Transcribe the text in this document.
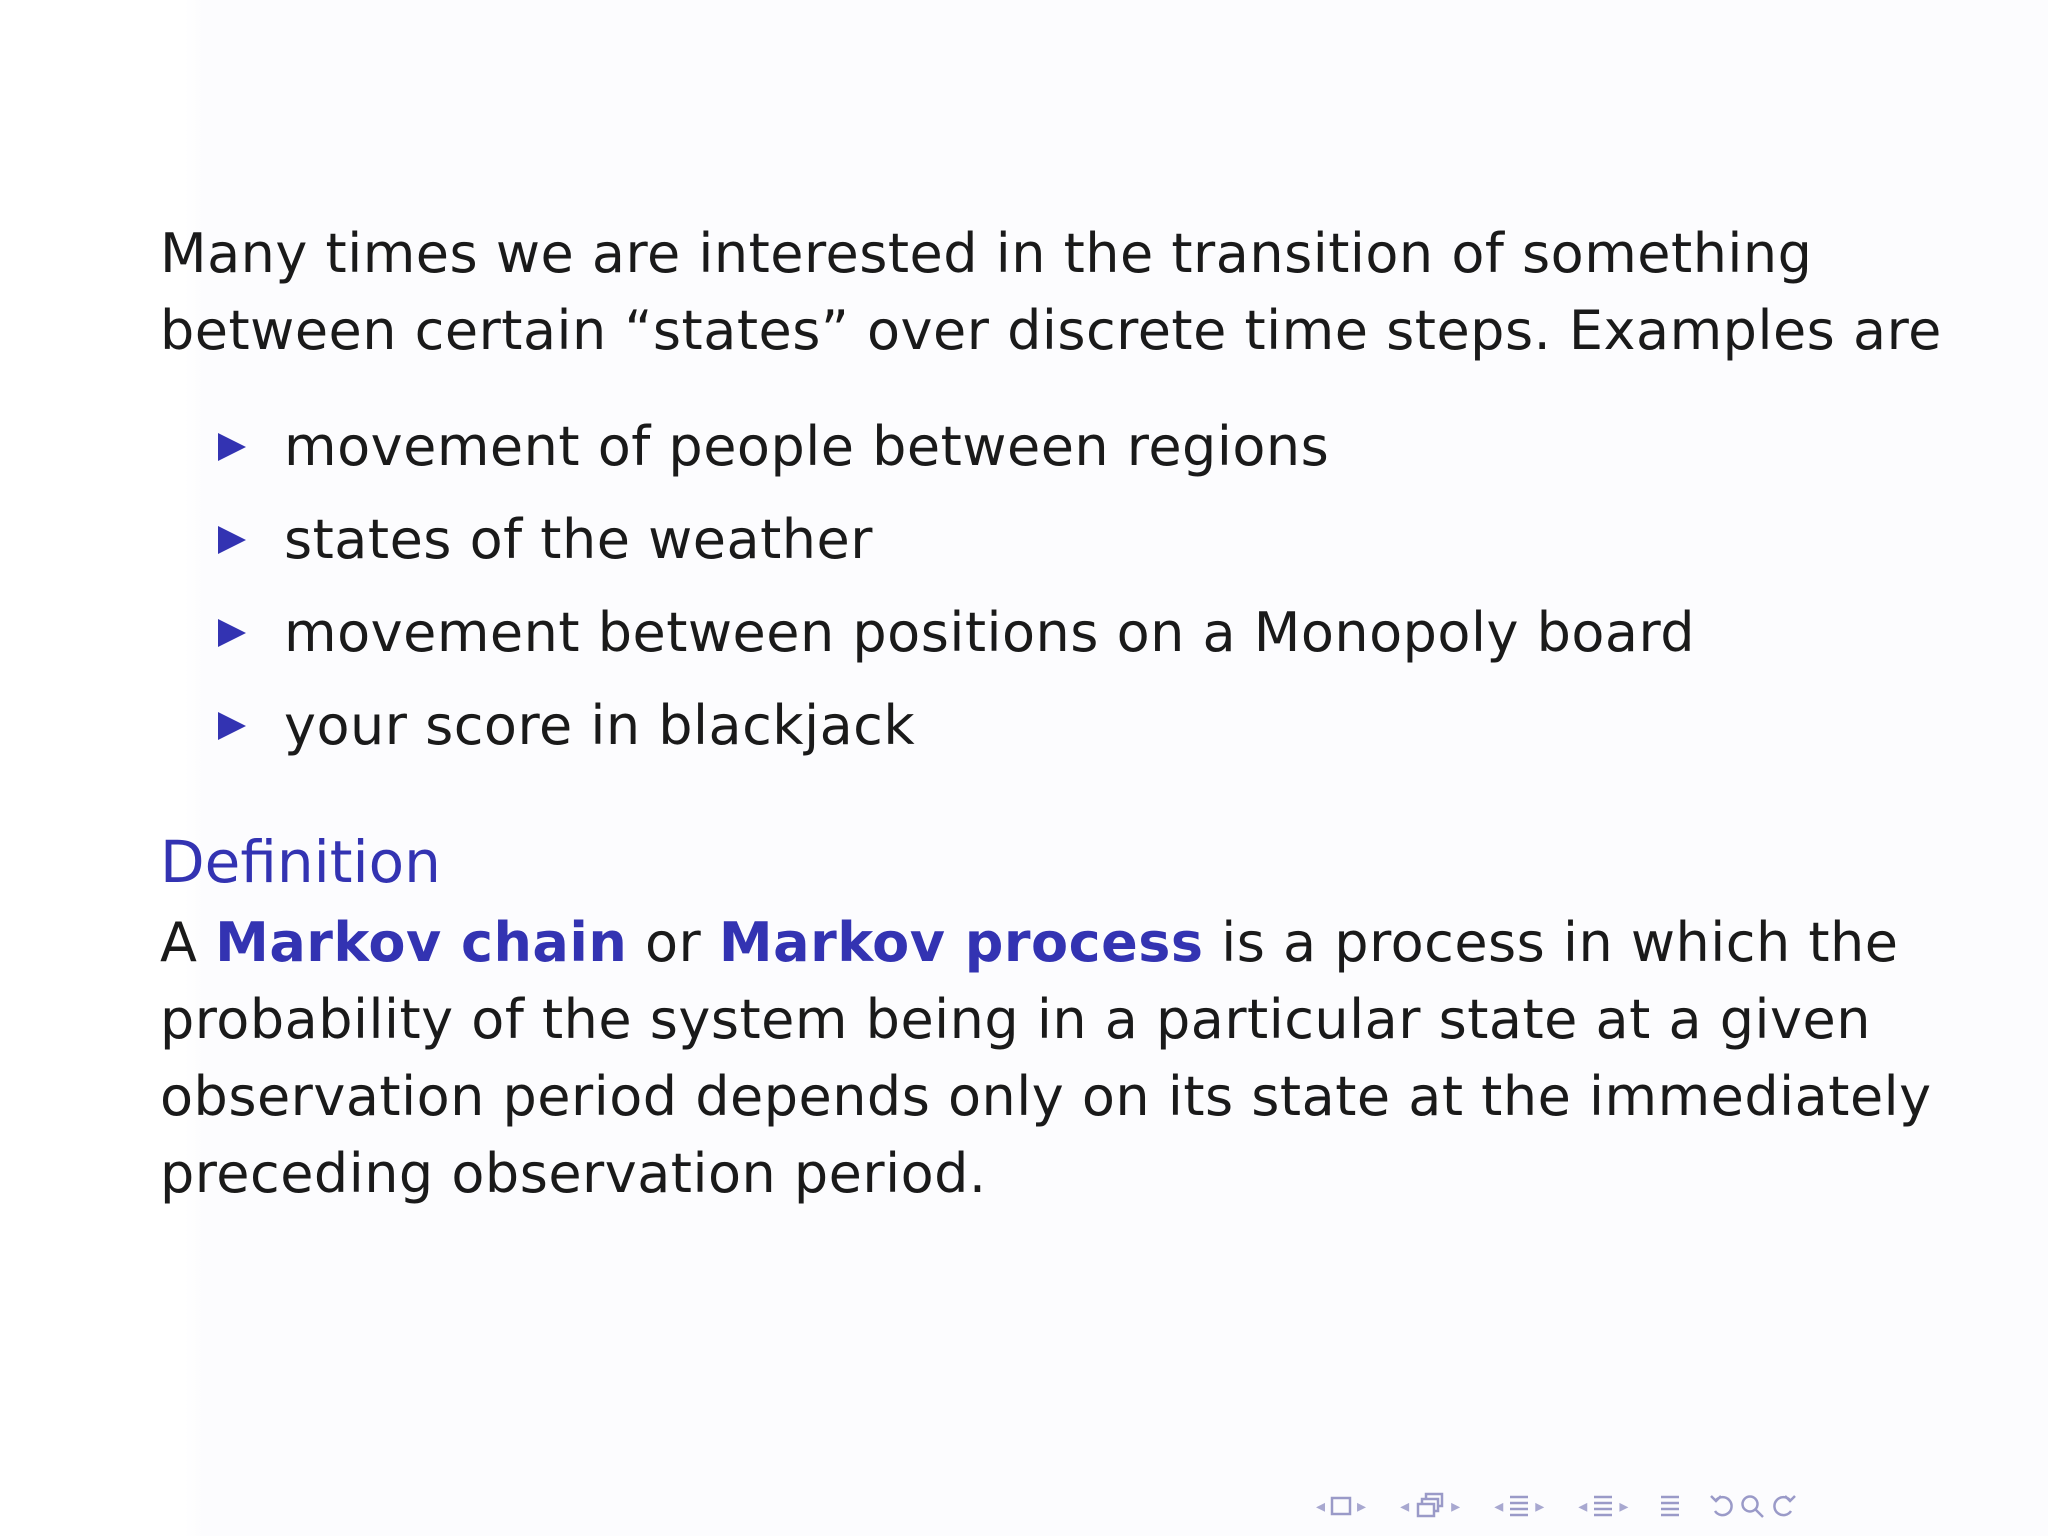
Many times we are interested in the transition of something
between certain “states” over discrete time steps. Examples are

movement of people between regions
states of the weather
movement between positions on a Monopoly board
your score in blackjack
Definition

A Markov chain or Markov process is a process in which the
probability of the system being in a particular state at a given
observation period depends only on its state at the immediately
preceding observation period.

◂ ▸ ◂ ▸ ◂ ▸ ◂ ▸
